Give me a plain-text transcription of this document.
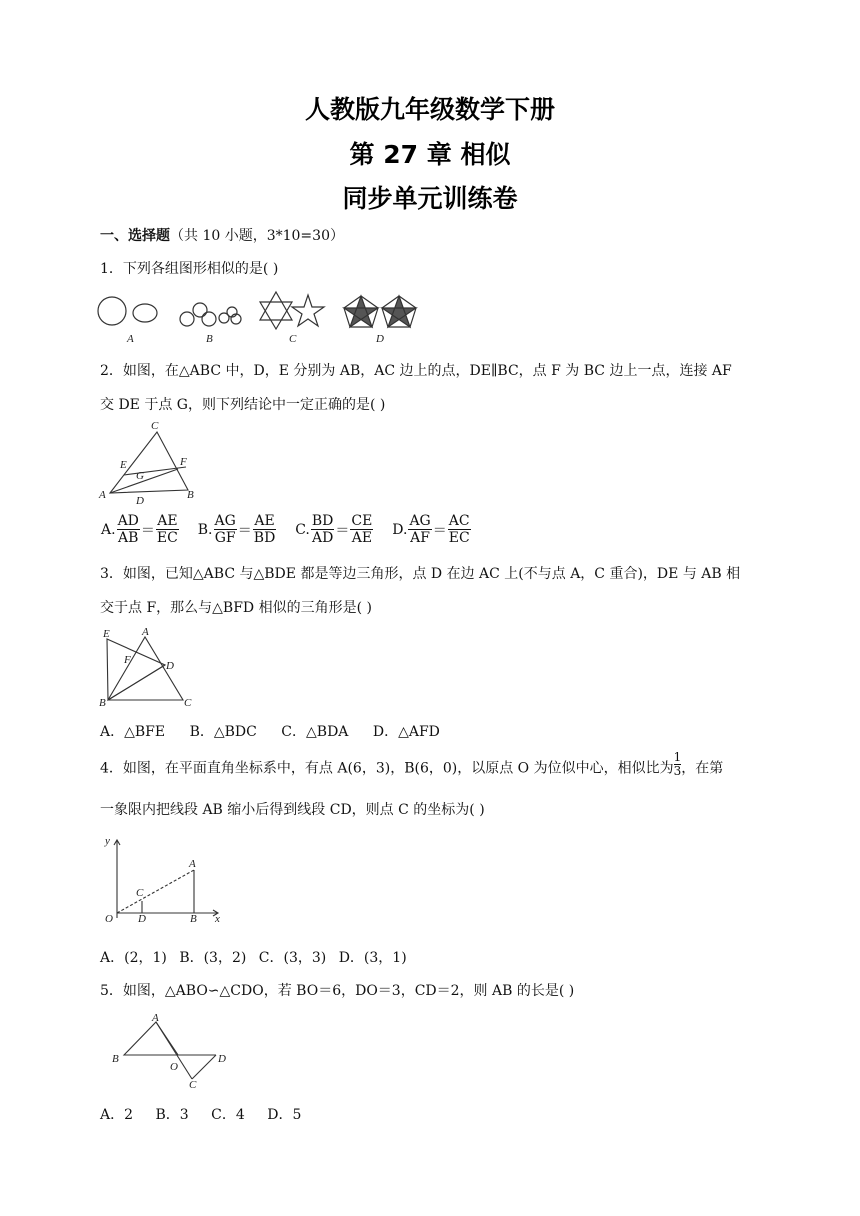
人教版九年级数学下册
第 27 章 相似
同步单元训练卷
一、选择题（共 10 小题，3*10=30）
1．下列各组图形相似的是( )
A	B	C	D
2．如图，在△ABC 中，D，E 分别为 AB，AC 边上的点，DE∥BC，点 F 为 BC 边上一点，连接 AF
交 DE 于点 G，则下列结论中一定正确的是( )
C
E
G
F
A	D	B
A. $\frac{AD}{AB} = \frac{AE}{EC} B$. $\frac{AG}{GF} = \frac{AE}{BD} C$. $\frac{BD}{AD} = \frac{CE}{AE} D$. $\frac{AG}{AF} = \frac{AC}{EC}$
3．如图，已知△ABC 与△BDE 都是等边三角形，点 D 在边 AC 上(不与点 A，C 重合)，DE 与 AB 相
交于点 F，那么与△BFD 相似的三角形是( )
E	A
F	D
B	C
A．△BFE B．△BDC C．△BDA D．△AFD
4．如图，在平面直角坐标系中，有点 A(6，3)，B(6，0)，以原点 O 为位似中心，相似比为 $\frac{1}{3}$，在第
一象限内把线段 AB 缩小后得到线段 CD，则点 C 的坐标为( )
y
A
C
O D	B x
A．(2，1) B．(3，2) C．(3，3) D．(3，1)
5．如图，△ABO∽△CDO，若 BO＝6，DO＝3，CD＝2，则 AB 的长是( )
A
B
O
D
C
A．2 B．3 C．4 D．5
